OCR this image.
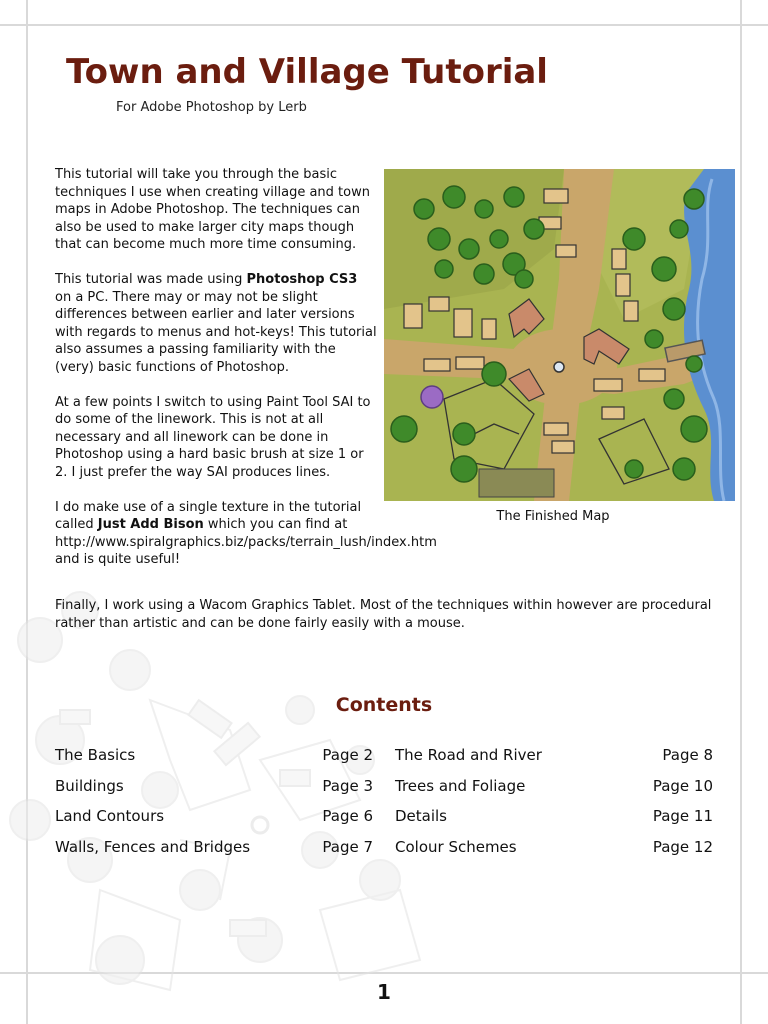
Town and Village Tutorial
For Adobe Photoshop by Lerb

This tutorial will take you through the basic techniques I use when creating village and town maps in Adobe Photoshop. The techniques can also be used to make larger city maps though that can become much more time consuming.

This tutorial was made using Photoshop CS3 on a PC. There may or may not be slight differences between earlier and later versions with regards to menus and hot-keys! This tutorial also assumes a passing familiarity with the (very) basic functions of Photoshop.

At a few points I switch to using Paint Tool SAI to do some of the linework. This is not at all necessary and all linework can be done in Photoshop using a hard basic brush at size 1 or 2. I just prefer the way SAI produces lines.

I do make use of a single texture in the tutorial called Just Add Bison which you can find at http://www.spiralgraphics.biz/packs/terrain_lush/index.htm and is quite useful!

The Finished Map

Finally, I work using a Wacom Graphics Tablet. Most of the techniques within however are procedural rather than artistic and can be done fairly easily with a mouse.

Contents
The Basics	Page 2
Buildings	Page 3
Land Contours	Page 6
Walls, Fences and Bridges	Page 7
The Road and River	Page 8
Trees and Foliage	Page 10
Details	Page 11
Colour Schemes	Page 12
1
